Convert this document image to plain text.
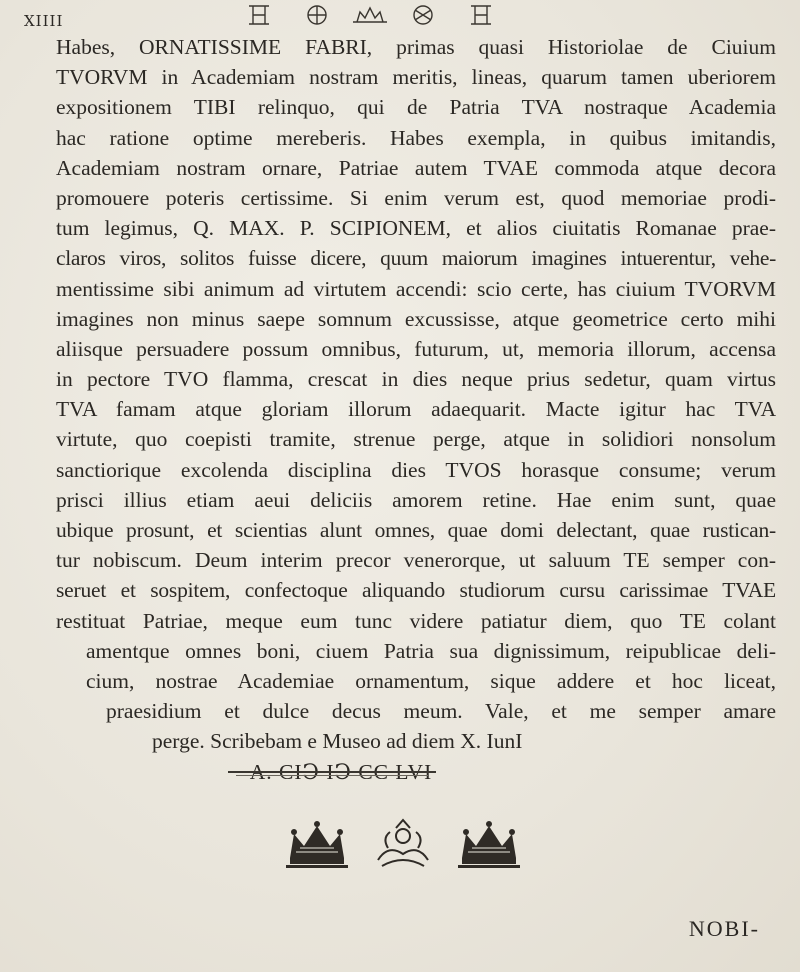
XIIII
Habes, ORNATISSIME FABRI, primas quasi Historiolae de Ciuium
TVORVM in Academiam nostram meritis, lineas, quarum tamen uberiorem
expositionem TIBI relinquo, qui de Patria TVA nostraque Academia
hac ratione optime mereberis. Habes exempla, in quibus imitandis,
Academiam nostram ornare, Patriae autem TVAE commoda atque decora
promouere poteris certissime. Si enim verum est, quod memoriae prodi-
tum legimus, Q. MAX. P. SCIPIONEM, et alios ciuitatis Romanae prae-
claros viros, solitos fuisse dicere, quum maiorum imagines intuerentur, vehe-
mentissime sibi animum ad virtutem accendi: scio certe, has ciuium TVORVM
imagines non minus saepe somnum excussisse, atque geometrice certo mihi
aliisque persuadere possum omnibus, futurum, ut, memoria illorum, accensa
in pectore TVO flamma, crescat in dies neque prius sedetur, quam virtus
TVA famam atque gloriam illorum adaequarit. Macte igitur hac TVA
virtute, quo coepisti tramite, strenue perge, atque in solidiori nonsolum
sanctiorique excolenda disciplina dies TVOS horasque consume; verum
prisci illius etiam aeui deliciis amorem retine. Hae enim sunt, quae
ubique prosunt, et scientias alunt omnes, quae domi delectant, quae rustican-
tur nobiscum. Deum interim precor venerorque, ut saluum TE semper con-
seruet et sospitem, confectoque aliquando studiorum cursu carissimae TVAE
restituat Patriae, meque eum tunc videre patiatur diem, quo TE colant
amentque omnes boni, ciuem Patria sua dignissimum, reipublicae deli-
cium, nostrae Academiae ornamentum, sique addere et hoc liceat,
praesidium et dulce decus meum. Vale, et me semper amare
perge. Scribebam e Museo ad diem X. IunI
A. CIↃ IↃ CC LVI
NOBI-
